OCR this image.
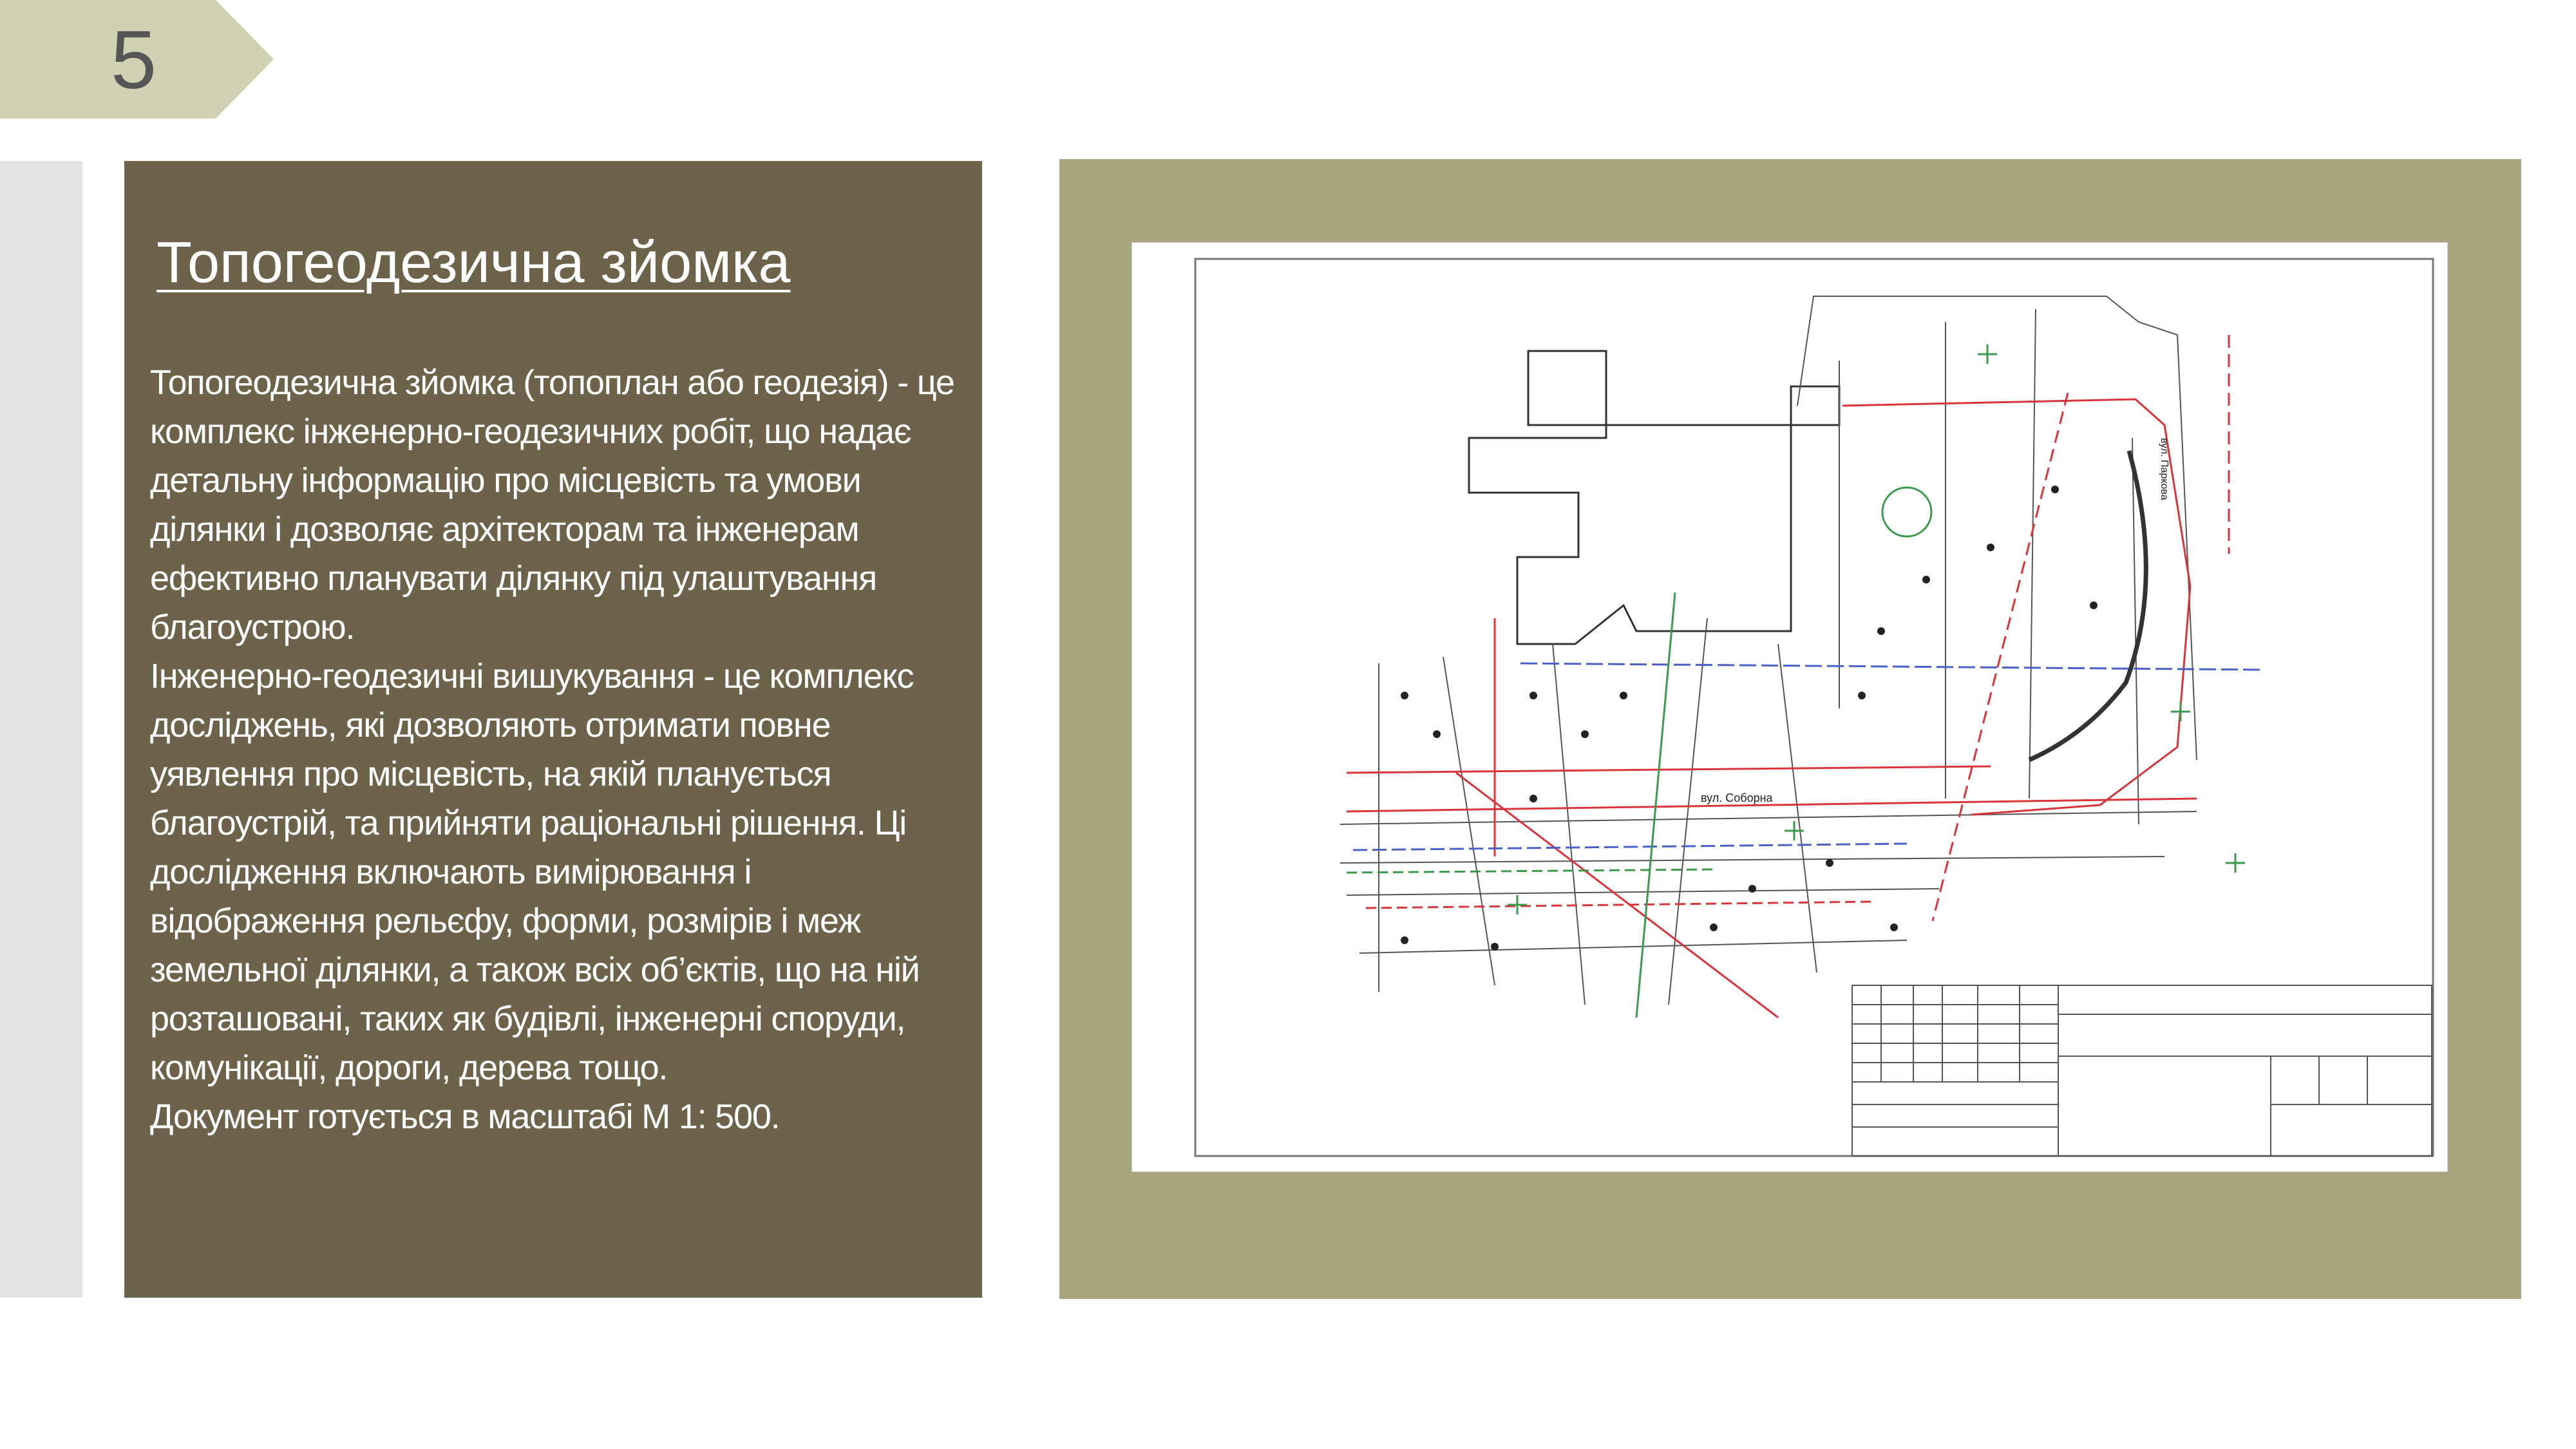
5
Топогеодезична зйомка

Топогеодезична зйомка (топоплан або геодезія) - це комплекс інженерно-геодезичних робіт, що надає детальну інформацію про місцевість та умови ділянки і дозволяє архітекторам та інженерам ефективно планувати ділянку під улаштування благоустрою.

Інженерно-геодезичні вишукування - це комплекс досліджень, які дозволяють отримати повне уявлення про місцевість, на якій планується благоустрій, та прийняти раціональні рішення. Ці дослідження включають вимірювання і відображення рельєфу, форми, розмірів і меж земельної ділянки, а також всіх об’єктів, що на ній розташовані, таких як будівлі, інженерні споруди, комунікації, дороги, дерева тощо.

Документ готується в масштабі М 1: 500.

вул. Соборна
вул. Паркова
